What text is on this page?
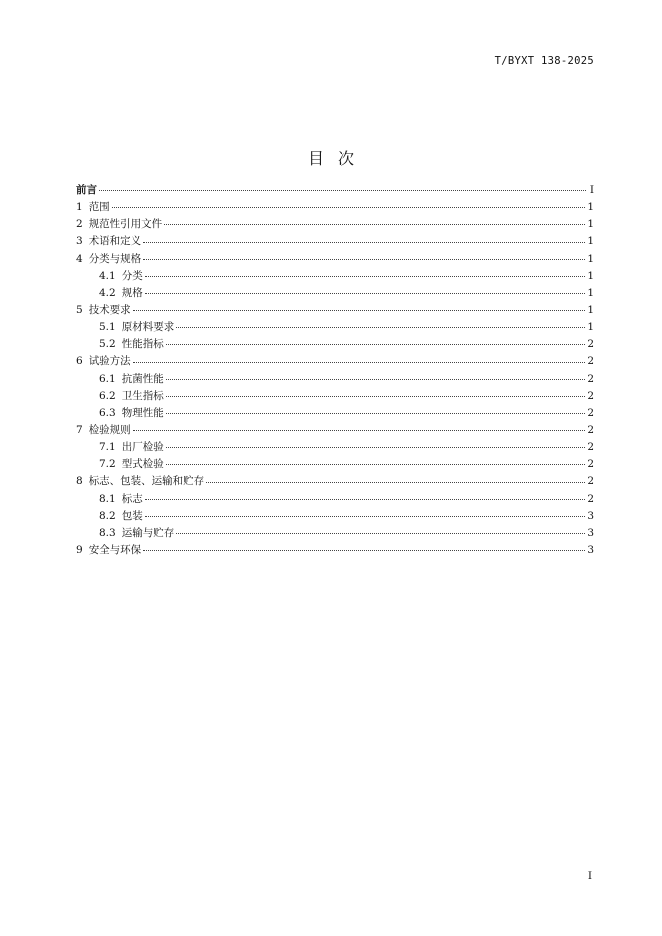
T/BYXT 138-2025
目次
前言	I
1 范围	1
2 规范性引用文件	1
3 术语和定义	1
4 分类与规格	1
4.1 分类	1
4.2 规格	1
5 技术要求	1
5.1 原材料要求	1
5.2 性能指标	2
6 试验方法	2
6.1 抗菌性能	2
6.2 卫生指标	2
6.3 物理性能	2
7 检验规则	2
7.1 出厂检验	2
7.2 型式检验	2
8 标志、包装、运输和贮存	2
8.1 标志	2
8.2 包装	3
8.3 运输与贮存	3
9 安全与环保	3
I
